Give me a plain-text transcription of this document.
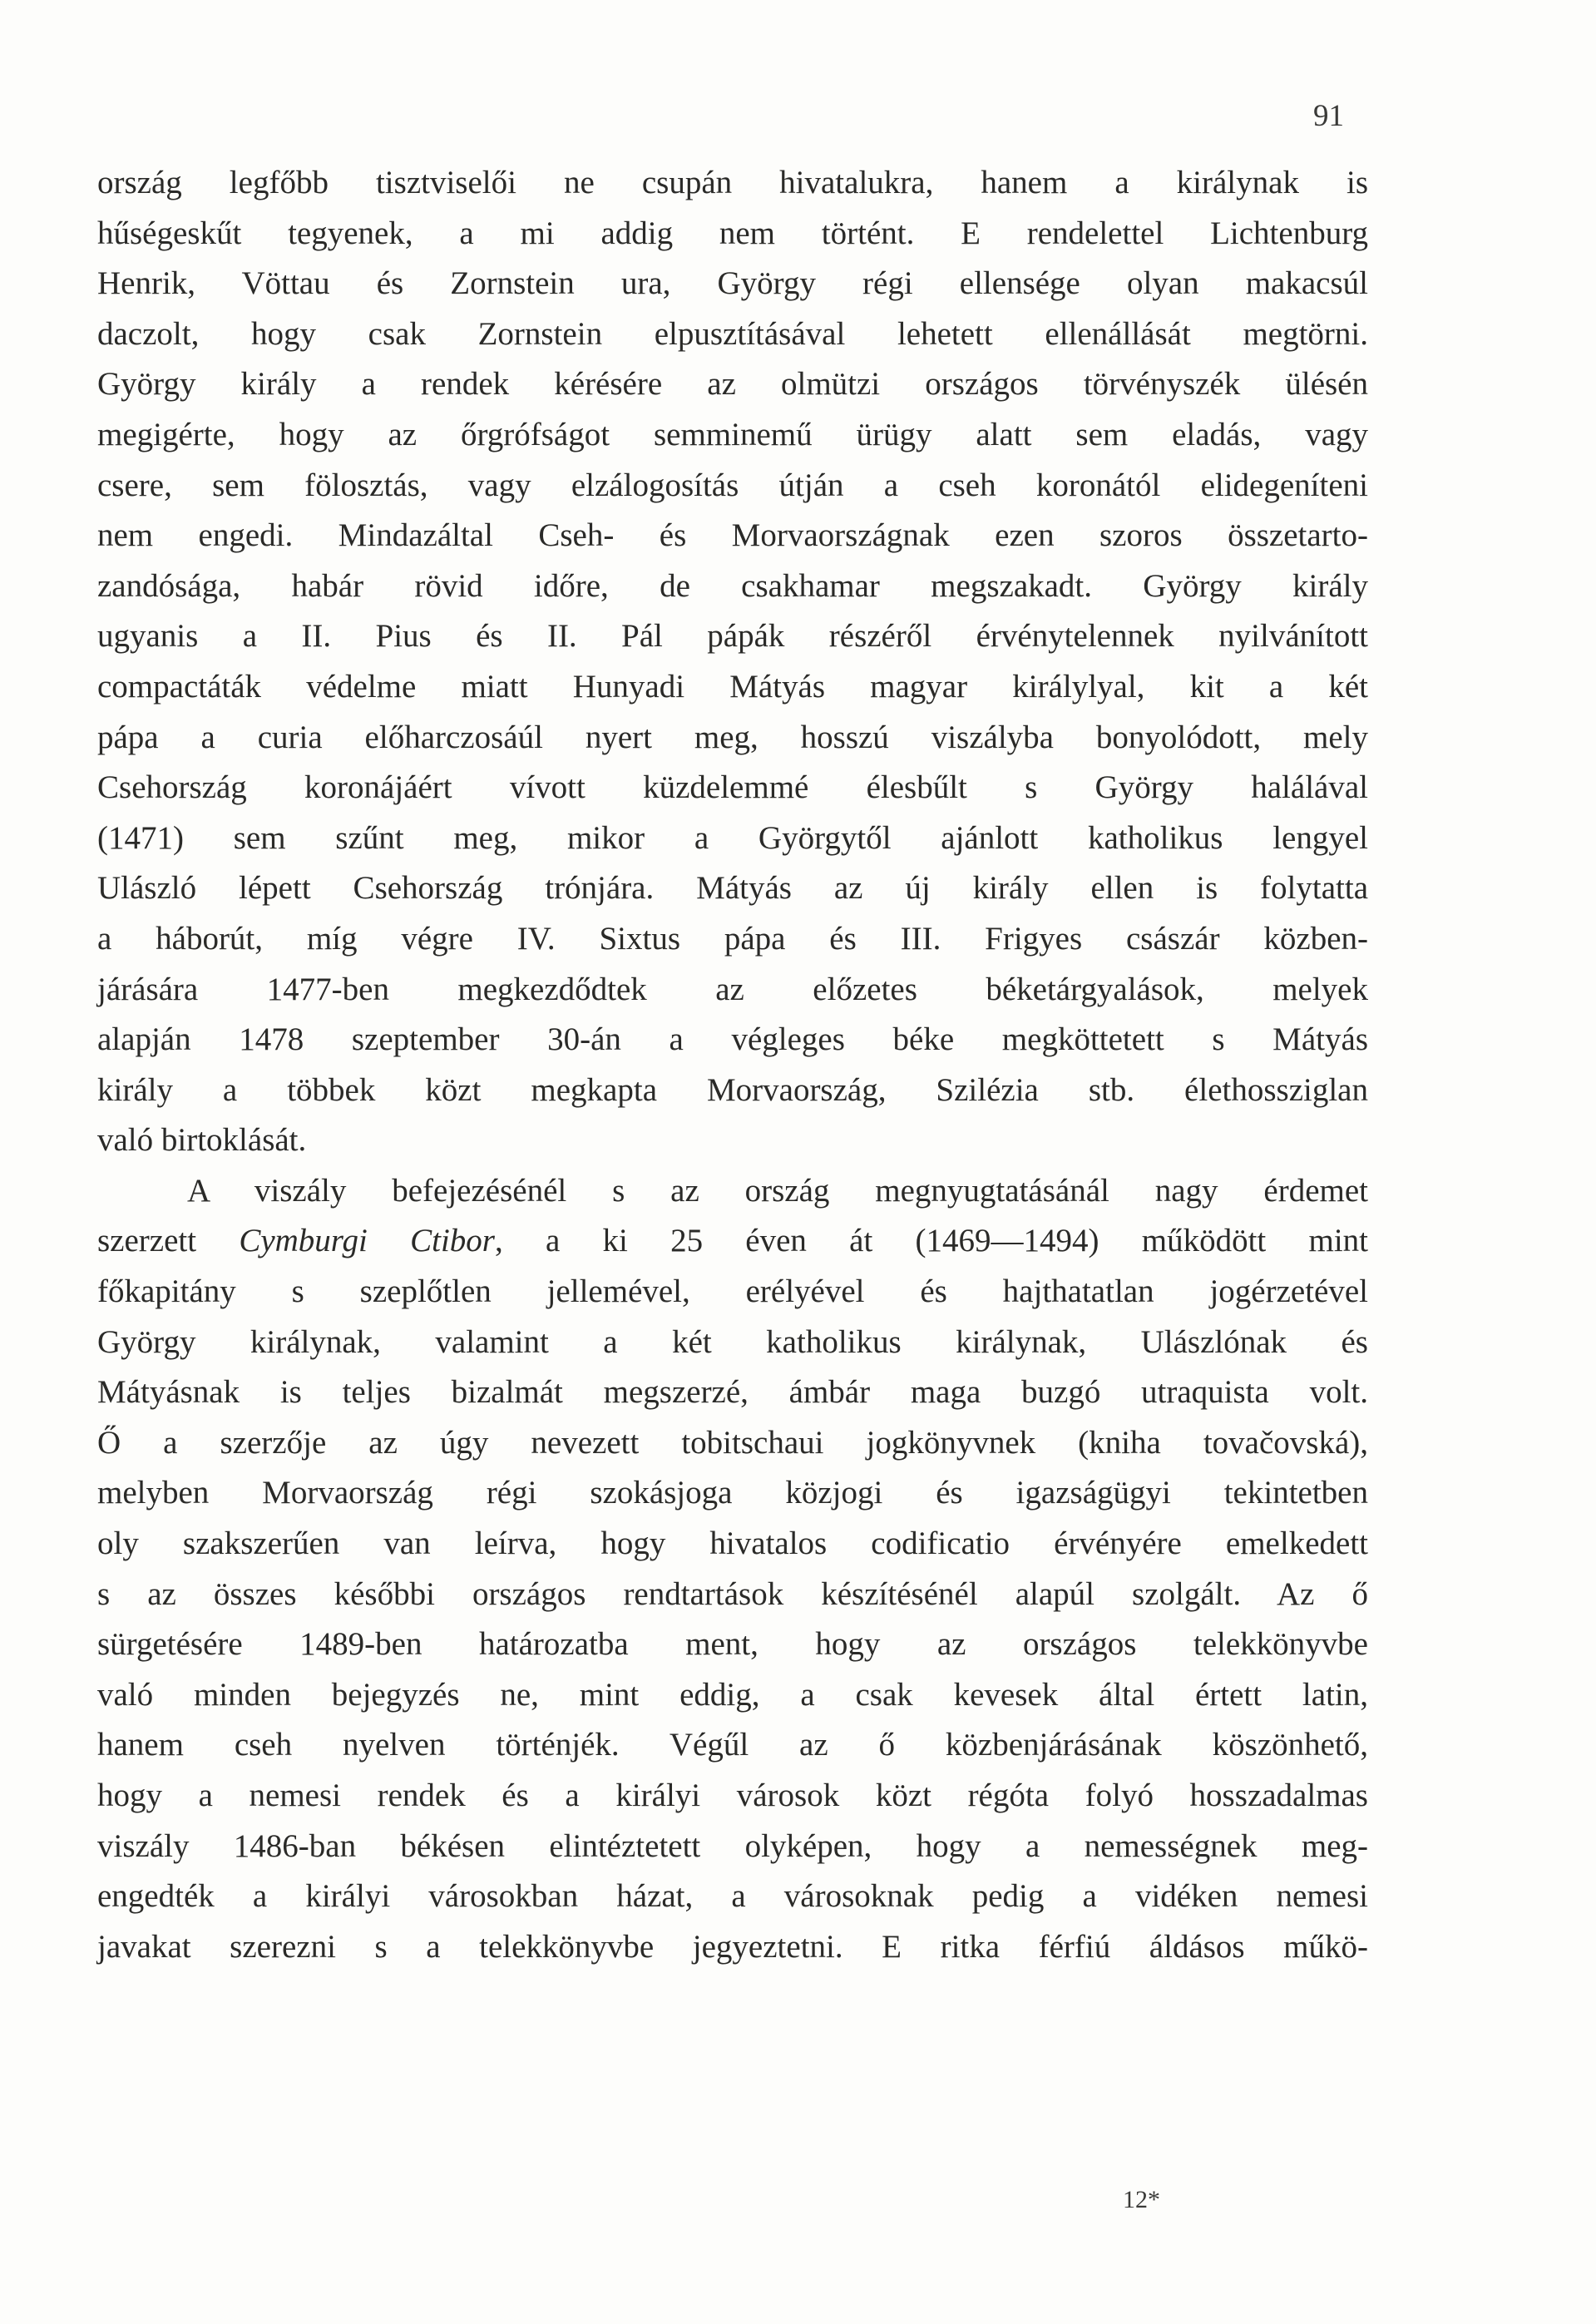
91
ország legfőbb tisztviselői ne csupán hivatalukra, hanem a királynak is
hűségeskűt tegyenek, a mi addig nem történt. E rendelettel Lichtenburg
Henrik, Vöttau és Zornstein ura, György régi ellensége olyan makacsúl
daczolt, hogy csak Zornstein elpusztításával lehetett ellenállását megtörni.
György király a rendek kérésére az olmützi országos törvényszék ülésén
megigérte, hogy az őrgrófságot semminemű ürügy alatt sem eladás, vagy
csere, sem fölosztás, vagy elzálogosítás útján a cseh koronától elidegeníteni
nem engedi. Mindazáltal Cseh- és Morvaországnak ezen szoros összetarto-
zandósága, habár rövid időre, de csakhamar megszakadt. György király
ugyanis a II. Pius és II. Pál pápák részéről érvénytelennek nyilvánított
compactáták védelme miatt Hunyadi Mátyás magyar királylyal, kit a két
pápa a curia előharczosáúl nyert meg, hosszú viszályba bonyolódott, mely
Csehország koronájáért vívott küzdelemmé élesbűlt s György halálával
(1471) sem szűnt meg, mikor a Györgytől ajánlott katholikus lengyel
Ulászló lépett Csehország trónjára. Mátyás az új király ellen is folytatta
a háborút, míg végre IV. Sixtus pápa és III. Frigyes császár közben-
járására 1477-ben megkezdődtek az előzetes béketárgyalások, melyek
alapján 1478 szeptember 30-án a végleges béke megköttetett s Mátyás
király a többek közt megkapta Morvaország, Szilézia stb. élethossziglan
való birtoklását.
A viszály befejezésénél s az ország megnyugtatásánál nagy érdemet
szerzett Cymburgi Ctibor, a ki 25 éven át (1469—1494) működött mint
főkapitány s szeplőtlen jellemével, erélyével és hajthatatlan jogérzetével
György királynak, valamint a két katholikus királynak, Ulászlónak és
Mátyásnak is teljes bizalmát megszerzé, ámbár maga buzgó utraquista volt.
Ő a szerzője az úgy nevezett tobitschaui jogkönyvnek (kniha tovačovská),
melyben Morvaország régi szokásjoga közjogi és igazságügyi tekintetben
oly szakszerűen van leírva, hogy hivatalos codificatio érvényére emelkedett
s az összes későbbi országos rendtartások készítésénél alapúl szolgált. Az ő
sürgetésére 1489-ben határozatba ment, hogy az országos telekkönyvbe
való minden bejegyzés ne, mint eddig, a csak kevesek által értett latin,
hanem cseh nyelven történjék. Végűl az ő közbenjárásának köszönhető,
hogy a nemesi rendek és a királyi városok közt régóta folyó hosszadalmas
viszály 1486-ban békésen elintéztetett olyképen, hogy a nemességnek meg-
engedték a királyi városokban házat, a városoknak pedig a vidéken nemesi
javakat szerezni s a telekkönyvbe jegyeztetni. E ritka férfiú áldásos műkö-
12*
